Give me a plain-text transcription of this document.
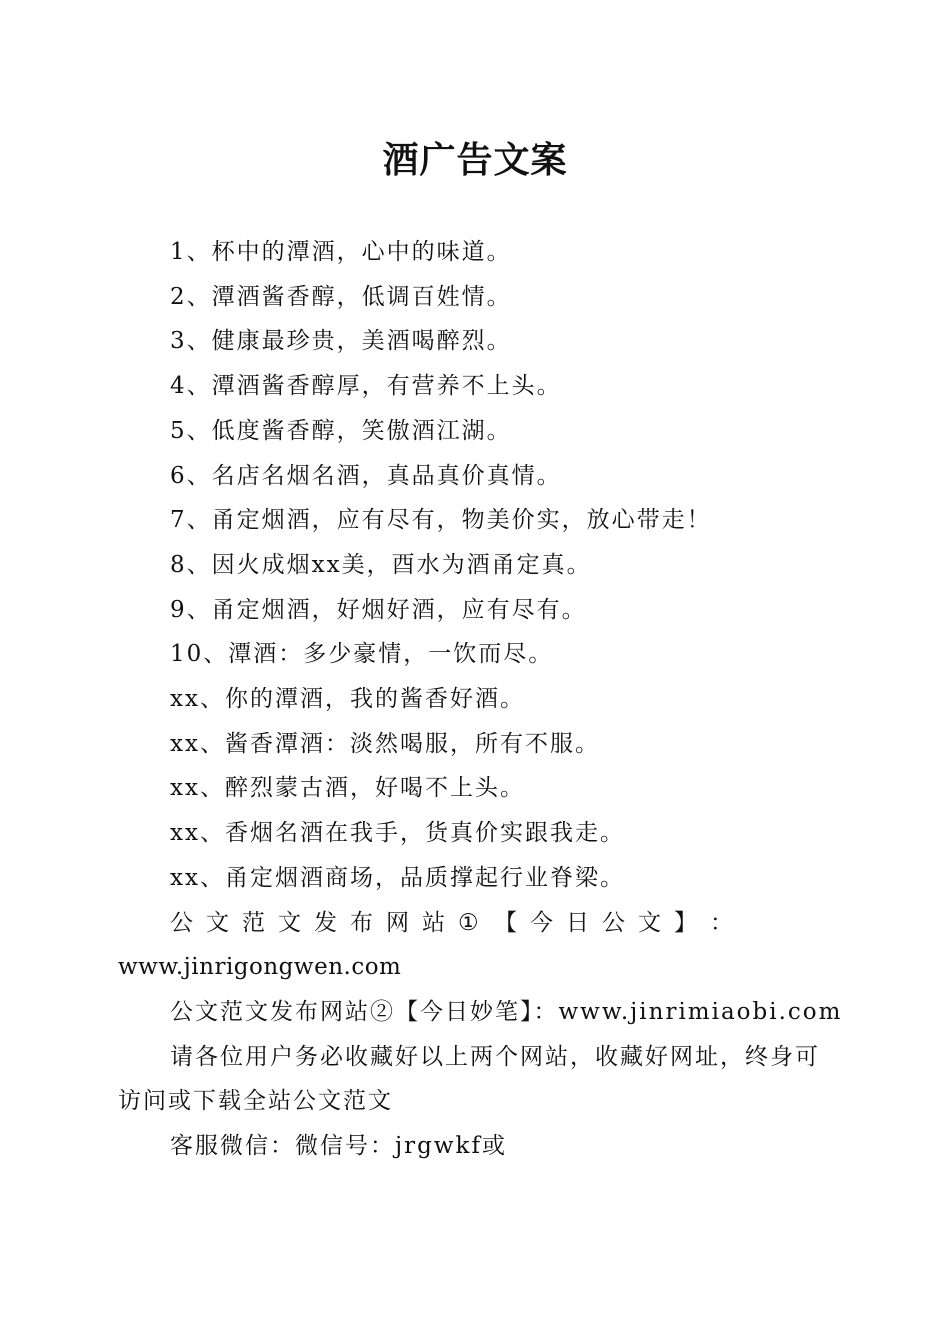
酒广告文案
1、杯中的潭酒，心中的味道。
2、潭酒酱香醇，低调百姓情。
3、健康最珍贵，美酒喝醉烈。
4、潭酒酱香醇厚，有营养不上头。
5、低度酱香醇，笑傲酒江湖。
6、名店名烟名酒，真品真价真情。
7、甬定烟酒，应有尽有，物美价实，放心带走！
8、因火成烟xx美，酉水为酒甬定真。
9、甬定烟酒，好烟好酒，应有尽有。
10、潭酒：多少豪情，一饮而尽。
xx、你的潭酒，我的酱香好酒。
xx、酱香潭酒：淡然喝服，所有不服。
xx、醉烈蒙古酒，好喝不上头。
xx、香烟名酒在我手，货真价实跟我走。
xx、甬定烟酒商场，品质撑起行业脊梁。
公 文 范 文 发 布 网 站 ① 【 今 日 公 文 】 ：
www.jinrigongwen.com
公文范文发布网站②【今日妙笔】：www.jinrimiaobi.com
请各位用户务必收藏好以上两个网站，收藏好网址，终身可访问或下载全站公文范文
客服微信：微信号：jrgwkf或
